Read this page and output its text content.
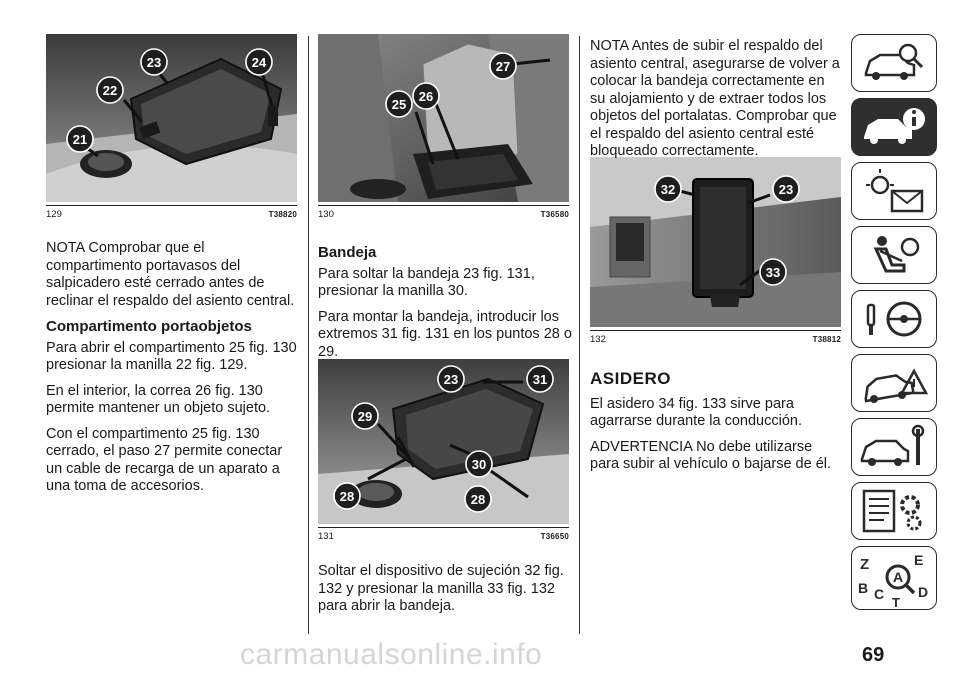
21
22
23	24
129	T38820
25
26
27
130	T36580
23	31
29
30
28	28
131	T36650
32	23
33
132	T38812

NOTA Comprobar que el compartimento portavasos del salpicadero esté cerrado antes de reclinar el respaldo del asiento central.

Compartimento portaobjetos

Para abrir el compartimento 25 fig. 130 presionar la manilla 22 fig. 129.

En el interior, la correa 26 fig. 130 permite mantener un objeto sujeto.

Con el compartimento 25 fig. 130 cerrado, el paso 27 permite conectar un cable de recarga de un aparato a una toma de accesorios.

Bandeja

Para soltar la bandeja 23 fig. 131, presionar la manilla 30.

Para montar la bandeja, introducir los extremos 31 fig. 131 en los puntos 28 o 29.

Soltar el dispositivo de sujeción 32 fig. 132 y presionar la manilla 33 fig. 132 para abrir la bandeja.

NOTA Antes de subir el respaldo del asiento central, asegurarse de volver a colocar la bandeja correctamente en su alojamiento y de extraer todos los objetos del portalatas. Comprobar que el respaldo del asiento central esté bloqueado correctamente.

ASIDERO

El asidero 34 fig. 133 sirve para agarrarse durante la conducción.

ADVERTENCIA No debe utilizarse para subir al vehículo o bajarse de él.

Z	E
B C D
T
A
69
carmanualsonline.info
